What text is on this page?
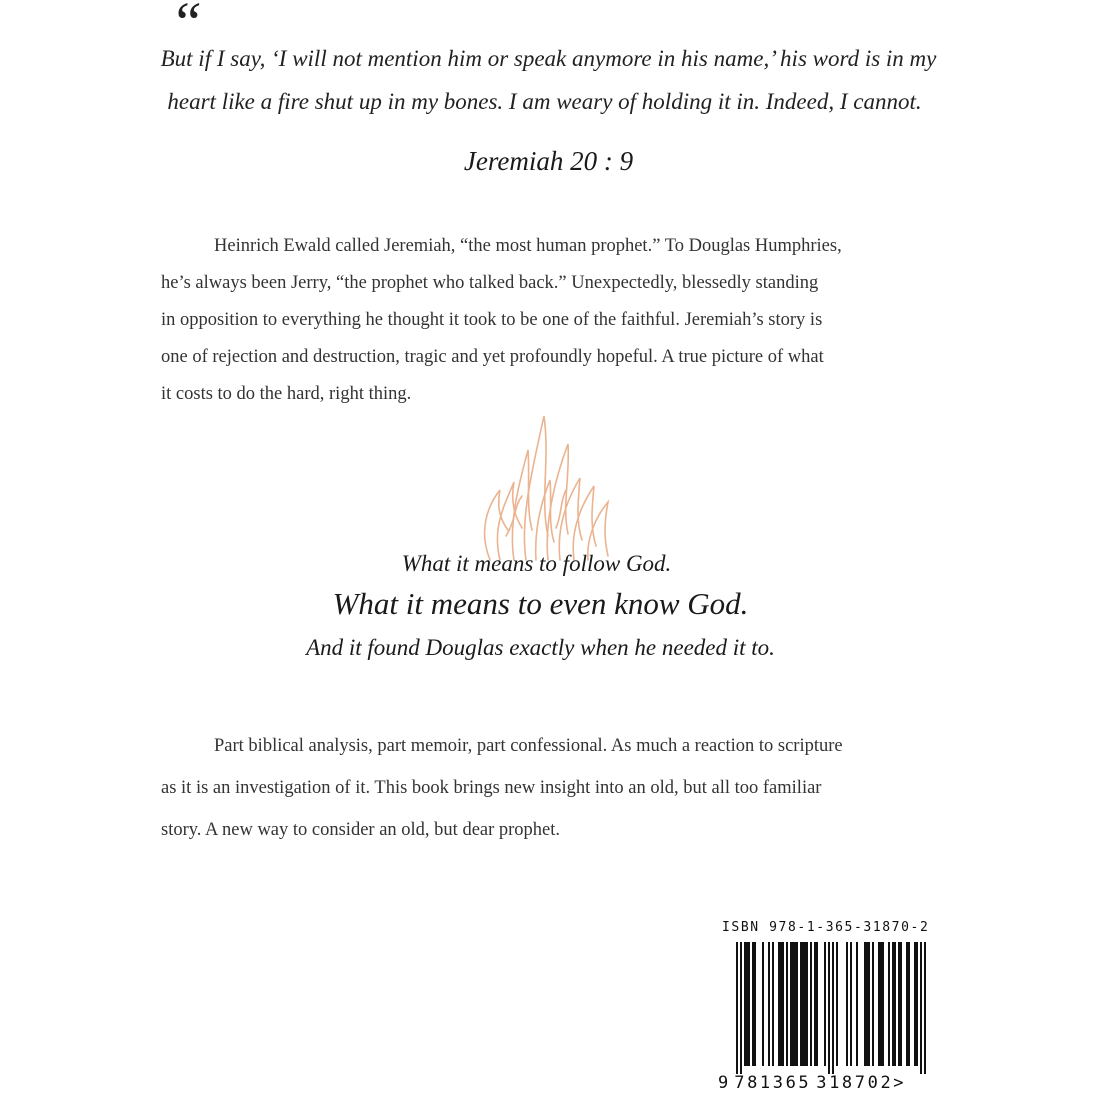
“
But if I say, ‘I will not mention him or speak anymore in his name,’ his word is in my
heart like a fire shut up in my bones. I am weary of holding it in. Indeed, I cannot.
Jeremiah 20 : 9
Heinrich Ewald called Jeremiah, “the most human prophet.” To Douglas Humphries,
he’s always been Jerry, “the prophet who talked back.” Unexpectedly, blessedly standing
in opposition to everything he thought it took to be one of the faithful. Jeremiah’s story is
one of rejection and destruction, tragic and yet profoundly hopeful. A true picture of what
it costs to do the hard, right thing.
What it means to follow God.
What it means to even know God.
And it found Douglas exactly when he needed it to.
Part biblical analysis, part memoir, part confessional. As much a reaction to scripture
as it is an investigation of it. This book brings new insight into an old, but all too familiar
story. A new way to consider an old, but dear prophet.
ISBN 978-1-365-31870-2
9 781365 318702>
